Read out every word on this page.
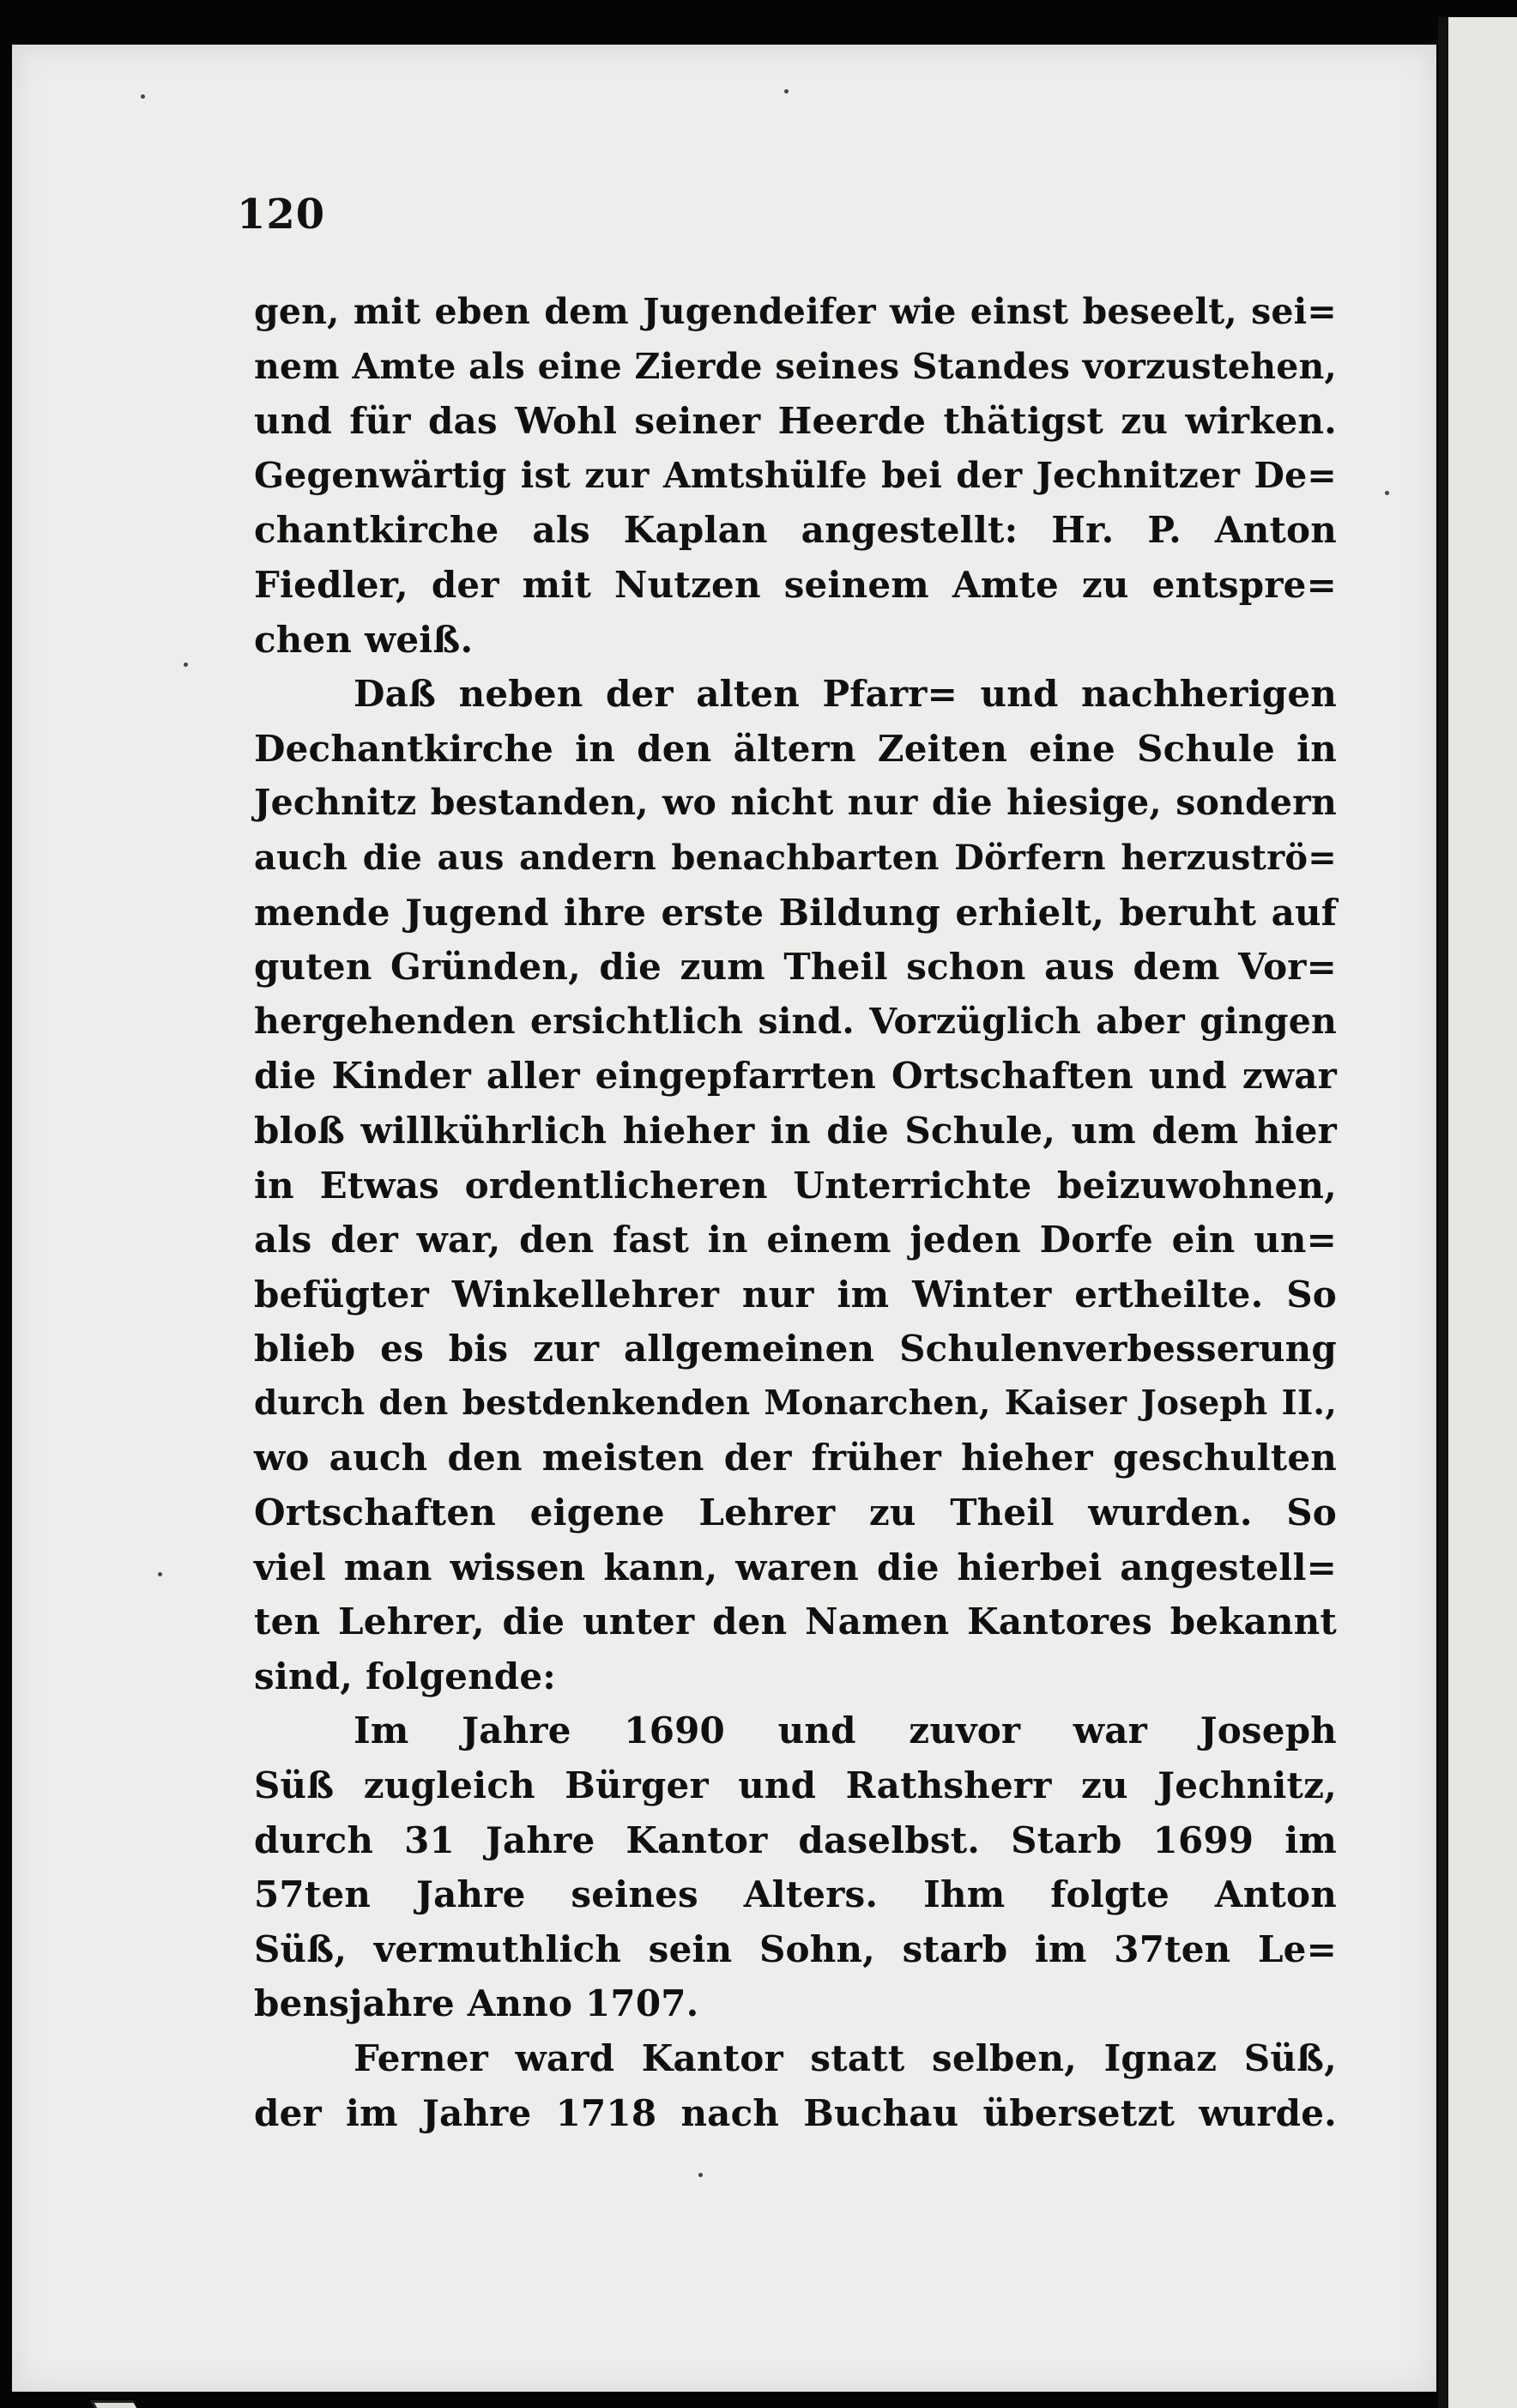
120
gen, mit eben dem Jugendeifer wie einst beseelt, sei=
nem Amte als eine Zierde seines Standes vorzustehen,
und für das Wohl seiner Heerde thätigst zu wirken.
Gegenwärtig ist zur Amtshülfe bei der Jechnitzer De=
chantkirche als Kaplan angestellt: Hr. P. Anton
Fiedler, der mit Nutzen seinem Amte zu entspre=
chen weiß.
Daß neben der alten Pfarr= und nachherigen
Dechantkirche in den ältern Zeiten eine Schule in
Jechnitz bestanden, wo nicht nur die hiesige, sondern
auch die aus andern benachbarten Dörfern herzuströ=
mende Jugend ihre erste Bildung erhielt, beruht auf
guten Gründen, die zum Theil schon aus dem Vor=
hergehenden ersichtlich sind. Vorzüglich aber gingen
die Kinder aller eingepfarrten Ortschaften und zwar
bloß willkührlich hieher in die Schule, um dem hier
in Etwas ordentlicheren Unterrichte beizuwohnen,
als der war, den fast in einem jeden Dorfe ein un=
befügter Winkellehrer nur im Winter ertheilte. So
blieb es bis zur allgemeinen Schulenverbesserung
durch den bestdenkenden Monarchen, Kaiser Joseph II.,
wo auch den meisten der früher hieher geschulten
Ortschaften eigene Lehrer zu Theil wurden. So
viel man wissen kann, waren die hierbei angestell=
ten Lehrer, die unter den Namen Kantores bekannt
sind, folgende:
Im Jahre 1690 und zuvor war Joseph
Süß zugleich Bürger und Rathsherr zu Jechnitz,
durch 31 Jahre Kantor daselbst. Starb 1699 im
57ten Jahre seines Alters. Ihm folgte Anton
Süß, vermuthlich sein Sohn, starb im 37ten Le=
bensjahre Anno 1707.
Ferner ward Kantor statt selben, Ignaz Süß,
der im Jahre 1718 nach Buchau übersetzt wurde.
